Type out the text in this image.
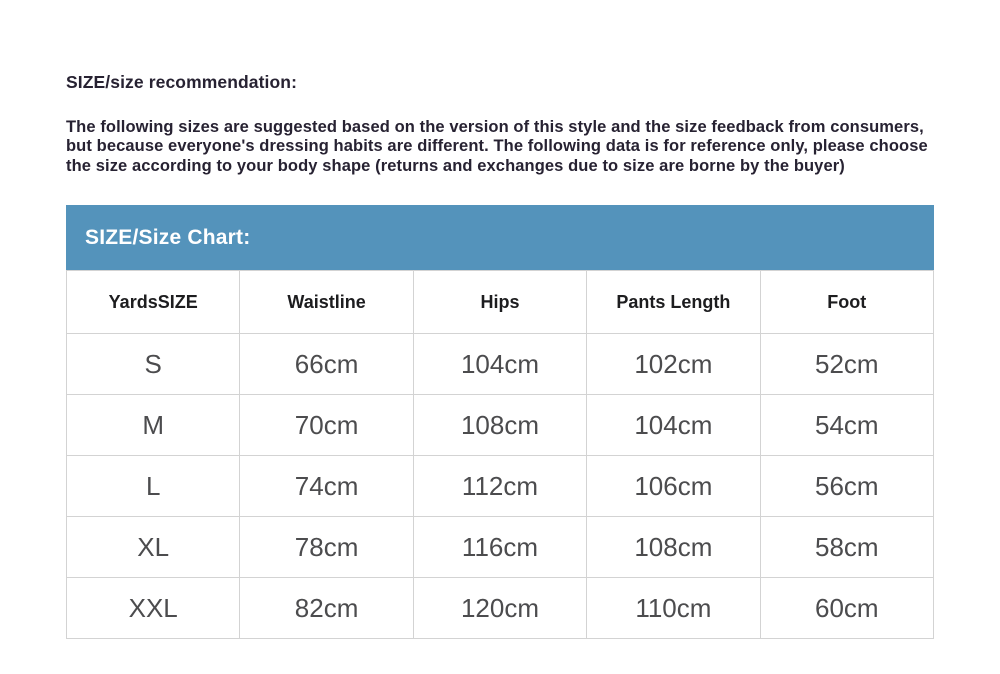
SIZE/size recommendation:

The following sizes are suggested based on the version of this style and the size feedback from consumers, but because everyone's dressing habits are different. The following data is for reference only, please choose the size according to your body shape (returns and exchanges due to size are borne by the buyer)

SIZE/Size Chart:
YardsSIZE	Waistline	Hips	Pants Length	Foot
S	66cm	104cm	102cm	52cm
M	70cm	108cm	104cm	54cm
L	74cm	112cm	106cm	56cm
XL	78cm	116cm	108cm	58cm
XXL	82cm	120cm	110cm	60cm
